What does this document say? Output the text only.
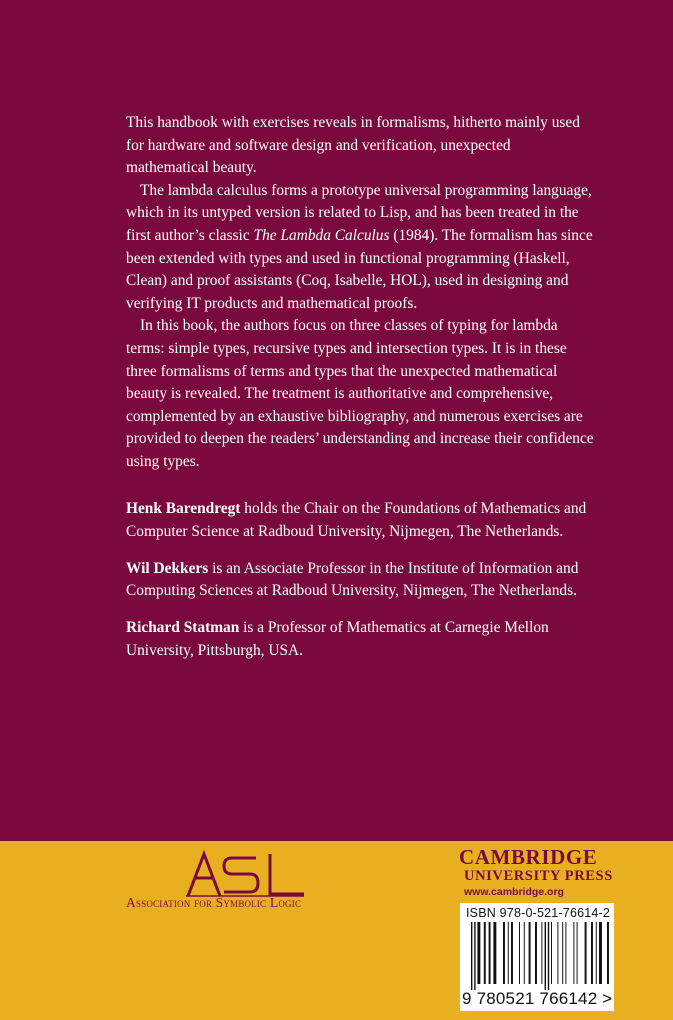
This handbook with exercises reveals in formalisms, hitherto mainly used for hardware and software design and verification, unexpected mathematical beauty.

The lambda calculus forms a prototype universal programming language, which in its untyped version is related to Lisp, and has been treated in the first author’s classic The Lambda Calculus (1984). The formalism has since been extended with types and used in functional programming (Haskell, Clean) and proof assistants (Coq, Isabelle, HOL), used in designing and verifying IT products and mathematical proofs.

In this book, the authors focus on three classes of typing for lambda terms: simple types, recursive types and intersection types. It is in these three formalisms of terms and types that the unexpected mathematical beauty is revealed. The treatment is authoritative and comprehensive, complemented by an exhaustive bibliography, and numerous exercises are provided to deepen the readers’ understanding and increase their confidence using types.

Henk Barendregt holds the Chair on the Foundations of Mathematics and Computer Science at Radboud University, Nijmegen, The Netherlands.

Wil Dekkers is an Associate Professor in the Institute of Information and Computing Sciences at Radboud University, Nijmegen, The Netherlands.

Richard Statman is a Professor of Mathematics at Carnegie Mellon University, Pittsburgh, USA.

Association for Symbolic Logic
CAMBRIDGE
UNIVERSITY PRESS
www.cambridge.org
ISBN 978-0-521-76614-2
9 780521 766142 >
